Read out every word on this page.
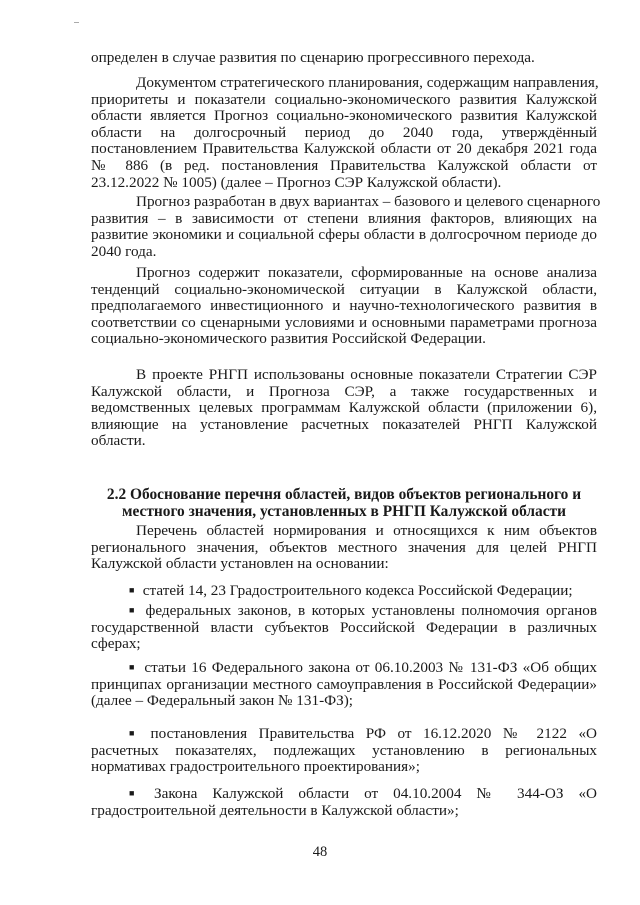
определен в случае развития по сценарию прогрессивного перехода.
Документом стратегического планирования, содержащим направления,
приоритеты и показатели социально-экономического развития Калужской
области является Прогноз социально-экономического развития Калужской
области на долгосрочный период до 2040 года, утверждённый
постановлением Правительства Калужской области от 20 декабря 2021 года
№ 886 (в ред. постановления Правительства Калужской области от
23.12.2022 № 1005) (далее – Прогноз СЭР Калужской области).
Прогноз разработан в двух вариантах – базового и целевого сценарного
развития – в зависимости от степени влияния факторов, влияющих на
развитие экономики и социальной сферы области в долгосрочном периоде до
2040 года.
Прогноз содержит показатели, сформированные на основе анализа
тенденций социально-экономической ситуации в Калужской области,
предполагаемого инвестиционного и научно-технологического развития в
соответствии со сценарными условиями и основными параметрами прогноза
социально-экономического развития Российской Федерации.
В проекте РНГП использованы основные показатели Стратегии СЭР
Калужской области, и Прогноза СЭР, а также государственных и
ведомственных целевых программам Калужской области (приложении 6),
влияющие на установление расчетных показателей РНГП Калужской
области.
2.2 Обоснование перечня областей, видов объектов регионального и
местного значения, установленных в РНГП Калужской области
Перечень областей нормирования и относящихся к ним объектов
регионального значения, объектов местного значения для целей РНГП
Калужской области установлен на основании:
■ статей 14, 23 Градостроительного кодекса Российской Федерации;
■ федеральных законов, в которых установлены полномочия органов
государственной власти субъектов Российской Федерации в различных
сферах;
■ статьи 16 Федерального закона от 06.10.2003 № 131-ФЗ «Об общих
принципах организации местного самоуправления в Российской Федерации»
(далее – Федеральный закон № 131-ФЗ);
■ постановления Правительства РФ от 16.12.2020 № 2122 «О
расчетных показателях, подлежащих установлению в региональных
нормативах градостроительного проектирования»;
■ Закона Калужской области от 04.10.2004 № 344-ОЗ «О
градостроительной деятельности в Калужской области»;
48
